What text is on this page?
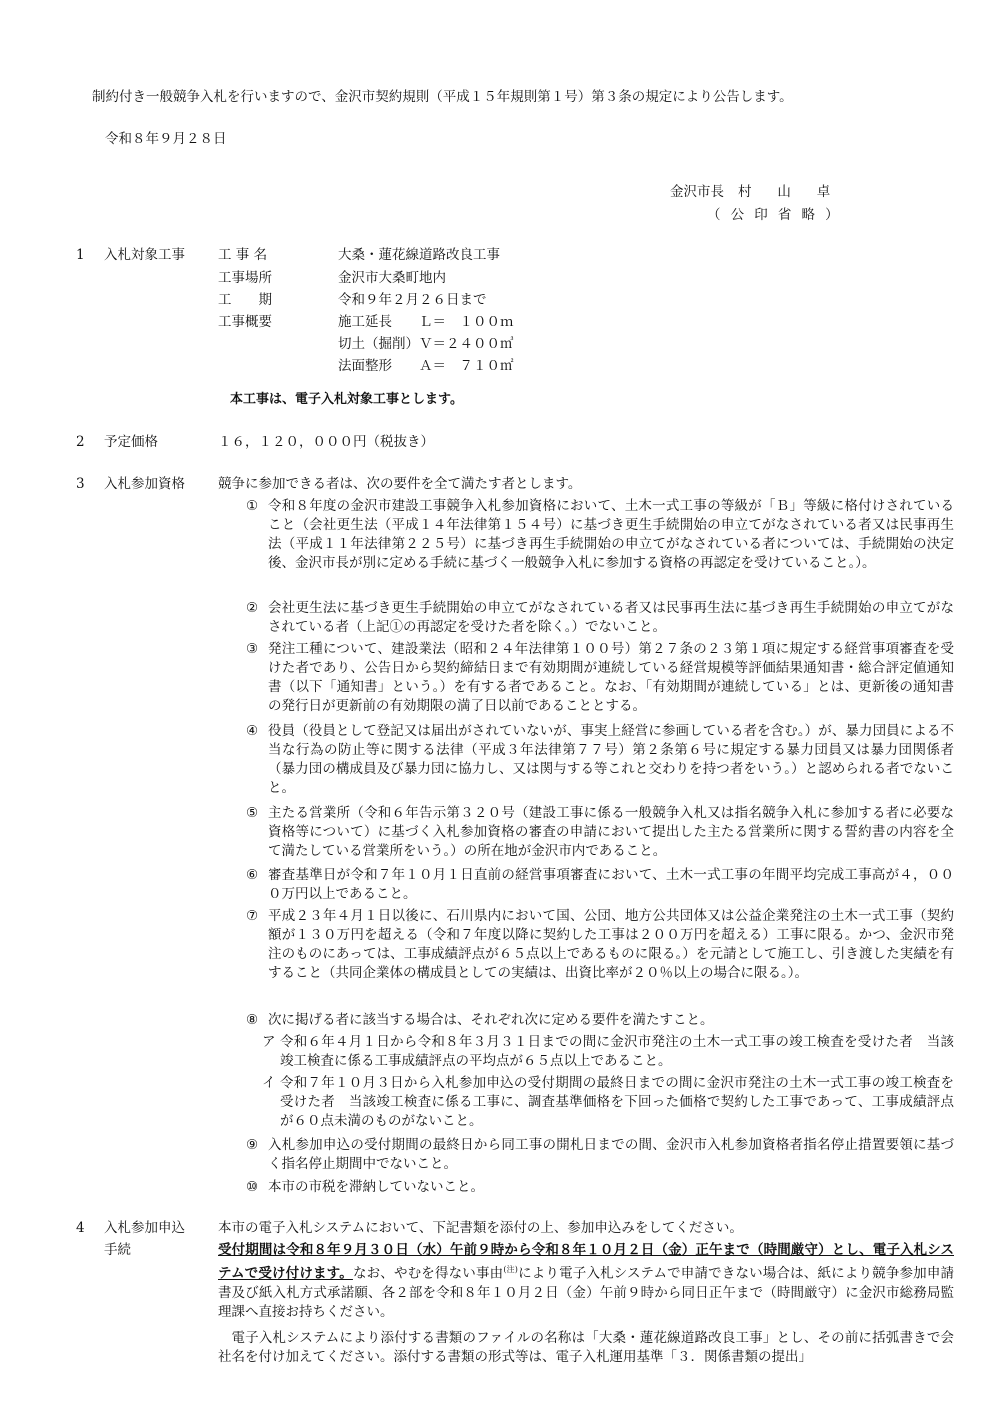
制約付き一般競争入札を行いますので、金沢市契約規則（平成１５年規則第１号）第３条の規定により公告します。
令和８年９月２８日
金沢市長 村 山 卓
（公印省略）
1 入札対象工事 工 事 名	大桑・蓮花線道路改良工事
工事場所	金沢市大桑町地内
工　　期	令和９年２月２６日まで
工事概要	施工延長　　Ｌ＝　１００ｍ
切土（掘削）Ｖ＝２４００㎥
法面整形　　Ａ＝　７１０㎡
本工事は、電子入札対象工事とします。
2 予定価格	１６，１２０，０００円（税抜き）
3 入札参加資格 競争に参加できる者は、次の要件を全て満たす者とします。
① 令和８年度の金沢市建設工事競争入札参加資格において、土木一式工事の等級が「Ｂ」等級に格付けされていること（会社更生法（平成１４年法律第１５４号）に基づき更生手続開始の申立てがなされている者又は民事再生法（平成１１年法律第２２５号）に基づき再生手続開始の申立てがなされている者については、手続開始の決定後、金沢市長が別に定める手続に基づく一般競争入札に参加する資格の再認定を受けていること。）。
② 会社更生法に基づき更生手続開始の申立てがなされている者又は民事再生法に基づき再生手続開始の申立てがなされている者（上記①の再認定を受けた者を除く。）でないこと。
③ 発注工種について、建設業法（昭和２４年法律第１００号）第２７条の２３第１項に規定する経営事項審査を受けた者であり、公告日から契約締結日まで有効期間が連続している経営規模等評価結果通知書・総合評定値通知書（以下「通知書」という。）を有する者であること。なお、「有効期間が連続している」とは、更新後の通知書の発行日が更新前の有効期限の満了日以前であることとする。
④ 役員（役員として登記又は届出がされていないが、事実上経営に参画している者を含む。）が、暴力団員による不当な行為の防止等に関する法律（平成３年法律第７７号）第２条第６号に規定する暴力団員又は暴力団関係者（暴力団の構成員及び暴力団に協力し、又は関与する等これと交わりを持つ者をいう。）と認められる者でないこと。
⑤ 主たる営業所（令和６年告示第３２０号（建設工事に係る一般競争入札又は指名競争入札に参加する者に必要な資格等について）に基づく入札参加資格の審査の申請において提出した主たる営業所に関する誓約書の内容を全て満たしている営業所をいう。）の所在地が金沢市内であること。
⑥ 審査基準日が令和７年１０月１日直前の経営事項審査において、土木一式工事の年間平均完成工事高が４，０００万円以上であること。
⑦ 平成２３年４月１日以後に、石川県内において国、公団、地方公共団体又は公益企業発注の土木一式工事（契約額が１３０万円を超える（令和７年度以降に契約した工事は２００万円を超える）工事に限る。かつ、金沢市発注のものにあっては、工事成績評点が６５点以上であるものに限る。）を元請として施工し、引き渡した実績を有すること（共同企業体の構成員としての実績は、出資比率が２０％以上の場合に限る。）。
⑧ 次に掲げる者に該当する場合は、それぞれ次に定める要件を満たすこと。
ア 令和６年４月１日から令和８年３月３１日までの間に金沢市発注の土木一式工事の竣工検査を受けた者　当該竣工検査に係る工事成績評点の平均点が６５点以上であること。
イ 令和７年１０月３日から入札参加申込の受付期間の最終日までの間に金沢市発注の土木一式工事の竣工検査を受けた者　当該竣工検査に係る工事に、調査基準価格を下回った価格で契約した工事であって、工事成績評点が６０点未満のものがないこと。
⑨ 入札参加申込の受付期間の最終日から同工事の開札日までの間、金沢市入札参加資格者指名停止措置要領に基づく指名停止期間中でないこと。
⑩ 本市の市税を滞納していないこと。
4 入札参加申込
手続
本市の電子入札システムにおいて、下記書類を添付の上、参加申込みをしてください。
受付期間は令和８年９月３０日（水）午前９時から令和８年１０月２日（金）正午まで（時間厳守）とし、電子入札システムで受け付けます。なお、やむを得ない事由$^{(注)}$により電子入札システムで申請できない場合は、紙により競争参加申請書及び紙入札方式承諾願、各２部を令和８年１０月２日（金）午前９時から同日正午まで（時間厳守）に金沢市総務局監理課へ直接お持ちください。
電子入札システムにより添付する書類のファイルの名称は「大桑・蓮花線道路改良工事」とし、その前に括弧書きで会社名を付け加えてください。添付する書類の形式等は、電子入札運用基準「３．関係書類の提出」
